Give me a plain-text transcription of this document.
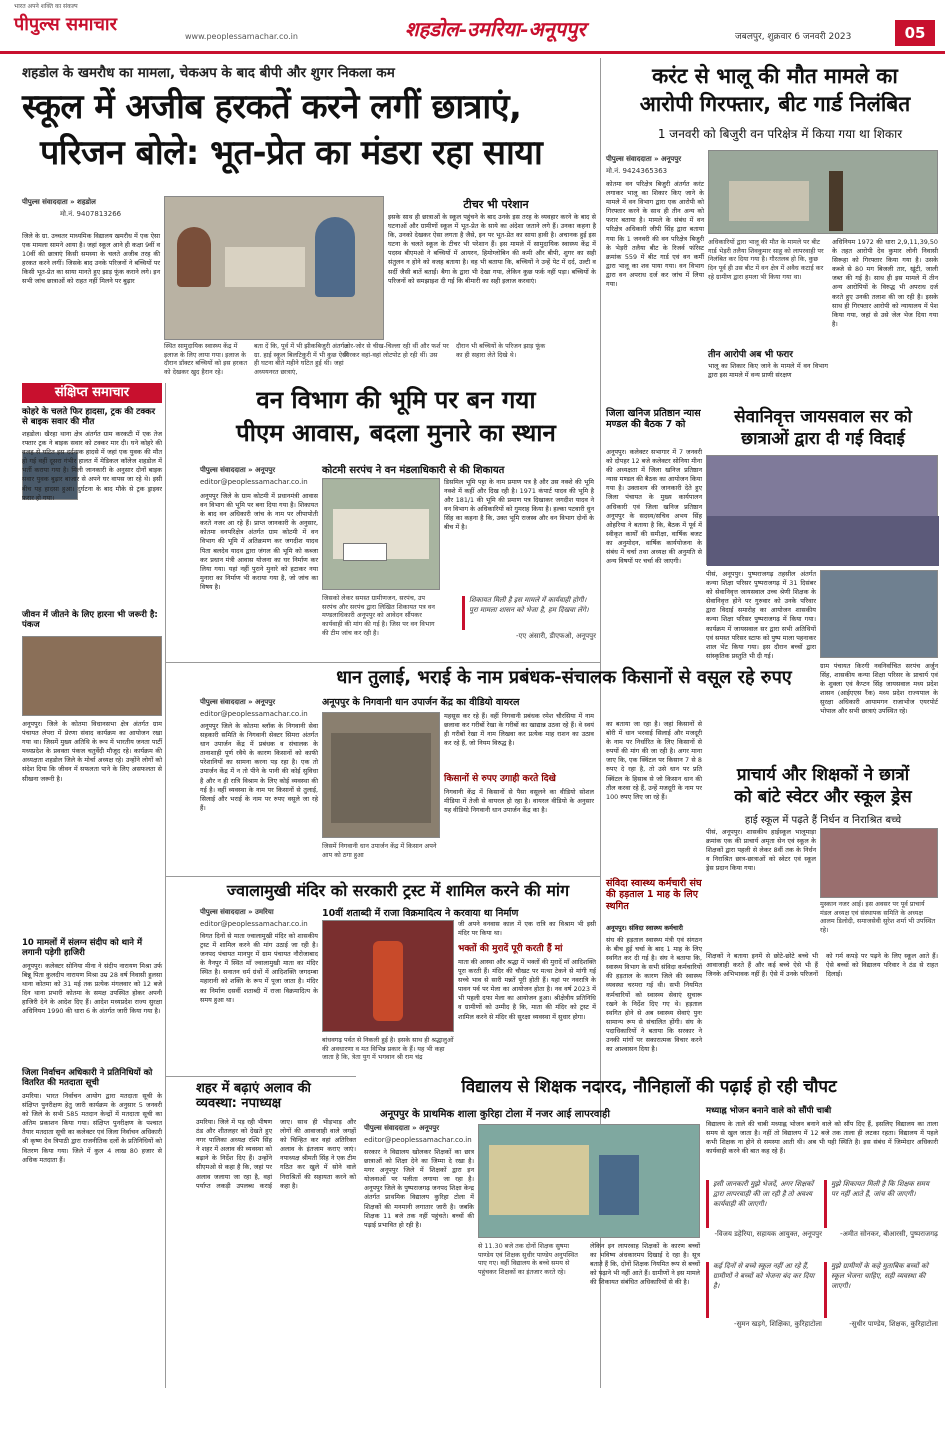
भारत अपने शक्ति का संकल्प
पीपुल्स समाचार
www.peoplessamachar.co.in	शहडोल-उमरिया-अनूपपुर	जबलपुर, शुक्रवार 6 जनवरी 2023	05
शहडोल के खमरौध का मामला, चेकअप के बाद बीपी और शुगर निकला कम
स्कूल में अजीब हरकतें करने लगीं छात्राएं,
परिजन बोले: भूत-प्रेत का मंडरा रहा साया
पीपुल्स संवाददाता » शहडोल
मो.नं. 9407813266
जिले के ग्रा. उच्चतर माध्यमिक विद्यालय खमरौध में एक ऐसा एक मामला सामने आया है। जहां स्कूल आने ही कक्षा 9वीं व 10वीं की छात्राएं किसी समस्या के चलते अजीब तरह की हरकत करने लगीं। जिसके बाद उनके परिजनों ने बच्चियों पर किसी भूत-प्रेत का साया मानते हुए झाड़ फूंक कराने लगे। इन सभी जांच छात्राओं को राहत नहीं मिलने पर बुढ़ार
स्थित सामुदायिक स्वास्थ्य केंद्र में इलाज के लिए लाया गया। इलाज के दौरान डॉक्टर बच्चियों को इस हरकत को देखकर खुद हैरान रहे।
बता दें कि, पूर्व में भी झीकबिजुरी अंतर्गत ग्रा. हाई स्कूल बिलटिकुरी में भी कुछ ऐसी ही घटना बीते महीने घटित हुई थी। जहां अध्ययनरत छात्राएं,
जोर-जोर से चीख-चिल्ला रही थीं और फर्श पर गिरकर वहां-वहां लोटपोट हो रही थीं। उस
दौरान भी बच्चियों के परिजन झाड़ फूंक का ही सहारा लेते दिखे थे।
टीचर भी परेशान
इसके साथ ही छात्राओं के स्कूल पहुंचने के बाद उनके इस तरह के व्यवहार करने के बाद से घटनाओं और ग्रामीणों स्कूल में भूत-प्रेत के साये का अंदेशा जताने लगे हैं। उनका कहना है कि, उनको देखकर ऐसा लगता है जैसे, इन पर भूत-प्रेत का साया हावी है। अचानक हुई इस घटना के चलते स्कूल के टीचर भी परेशान हैं। इस मामले में सामुदायिक स्वास्थ्य केंद्र में पदस्थ बीएमओ ने बच्चियों में आयरन, हिमोग्लोबिन की कमी और बीपी, शुगर का सही संतुलन न होने को वजह बताया है। वह भी बताया कि, बच्चियों ने उन्हें पेट में दर्द, उल्टी व सर्दी जैसी बातें बताईं। बैगा के द्वारा भी देखा गया, लेकिन कुछ फर्क नहीं पड़ा। बच्चियों के परिजनों को समझाइश दी गई कि बीमारी का सही इलाज करवाएं।
करंट से भालू की मौत मामले का
आरोपी गिरफ्तार, बीट गार्ड निलंबित
1 जनवरी को बिजुरी वन परिक्षेत्र में किया गया था शिकार
पीपुल्स संवाददाता » अनूपपुर
मो.नं. 9424365363
कोतमा वन परिक्षेत्र बिजुरी अंतर्गत करंट लगाकर भालू का शिकार किए जाने के मामले में वन विभाग द्वारा एक आरोपी को गिरफ्तार करने के साथ ही तीन अन्य को फरार बताया है। मामले के संबंध में वन परिक्षेत्र अधिकारी जीपी सिंह द्वारा बताया गया कि 1 जनवरी की वन परिक्षेत्र बिजुरी के भेड़री तलैया बीट के रिजर्व फॉरेस्ट क्रमांक 559 में बीट गार्ड एवं वन कर्मी द्वारा भालू का शव पाया गया। वन विभाग द्वारा वन अपराध दर्ज कर जांच में लिया गया।
अधिकारियों द्वारा भालू की मौत के मामले पर बीट गार्ड भेड़री तलैया शिवकुमार साहू को लापरवाही पर निलंबित कर दिया गया है। गौरतलब हो कि, कुछ दिन पूर्व ही उस बीट में वन क्षेत्र में अवैध कटाई कर रहे ग्रामीण द्वारा हमला भी किया गया था।
अधिनियम 1972 की धारा 2,9,11,39,50 के तहत आरोपी देव कुमार लोनी निवासी सिरूहा को गिरफ्तार किया गया है। उसके कब्जे से 80 मग बिजली तार, खूंटी, जाली जब्त की गई है। साथ ही इस मामले में तीन अन्य आरोपियों के विरुद्ध भी अपराध दर्ज करते हुए उनकी तलाश की जा रही है। इसके साथ ही गिरफ्तार आरोपी को न्यायालय में पेश किया गया, जहां से उसे जेल भेज दिया गया है।
तीन आरोपी अब भी फरार
भालू का शिकार किए जाने के मामले में वन विभाग द्वारा इस मामले में वन्य प्राणी संरक्षण
संक्षिप्त समाचार
कोहरे के चलते फिर हादसा, ट्रक की टक्कर से बाइक सवार की मौत
शहडोल। खैरहा थाना क्षेत्र अंतर्गत ग्राम करकटी में एक तेज रफ्तार ट्रक ने बाइक सवार को टक्कर मार दी। घने कोहरे की वजह से घटित इस दर्दनाक हादसे में जहां एक युवक की मौत हो गई वहीं दूसरा गंभीर हालत में मेडिकल कॉलेज शहडोल में भर्ती कराया गया है। मिली जानकारी के अनुसार दोनों बाइक सवार युवक बुढ़ार बाजार से अपने घर वापस जा रहे थे। इसी बीच यह हादसा हुआ। दुर्घटना के बाद मौके से ट्रक ड्राइवर फरार हो गया।
जीवन में जीतने के लिए हारना भी जरूरी है: पंकज
अनूपपुर। जिले के कोतमा विधानसभा क्षेत्र अंतर्गत ग्राम पंचायत लेपरा में प्रेरणा संवाद कार्यक्रम का आयोजन रखा गया था। जिसमें मुख्य अतिथि के रूप में भारतीय जनता पार्टी मध्यप्रदेश के प्रवक्ता पंकज चतुर्वेदी मौजूद रहे। कार्यक्रम की अध्यक्षता शहडोल जिले के मोर्चा अध्यक्ष रहे। उन्होंने लोगों को संदेश दिया कि जीवन में सफलता पाने के लिए असफलता से सीखना जरूरी है।
10 मामलों में संलग्न संदीप को थाने में लगानी पड़ेगी हाजिरी
अनूपपुर। कलेक्टर सोनिया मीना ने संदीप नारायण मिश्रा उर्फ बिन्नू पिता कुलदीप नारायण मिश्रा उम्र 28 वर्ष निवासी हुलसा थाना कोतमा को 31 मई तक प्रत्येक मंगलवार को 12 बजे दिन थाना प्रभारी कोतमा के समक्ष उपस्थित होकर अपनी हाजिरी देने के आदेश दिए हैं। आदेश मध्यप्रदेश राज्य सुरक्षा अधिनियम 1990 की धारा 6 के अंतर्गत जारी किया गया है।
जिला निर्वाचन अधिकारी ने प्रतिनिधियों को वितरित की मतदाता सूची
उमरिया। भारत निर्वाचन आयोग द्वारा मतदाता सूची के संक्षिप्त पुनरीक्षण हेतु जारी कार्यक्रम के अनुसार 5 जनवरी को जिले के सभी 585 मतदान केन्द्रों में मतदाता सूची का अंतिम प्रकाशन किया गया। संक्षिप्त पुनरीक्षण के पश्चात तैयार मतदाता सूची का कलेक्टर एवं जिला निर्वाचन अधिकारी श्री कृष्ण देव त्रिपाठी द्वारा राजनीतिक दलों के प्रतिनिधियों को वितरण किया गया। जिले में कुल 4 लाख 80 हजार से अधिक मतदाता हैं।
वन विभाग की भूमि पर बन गया
पीएम आवास, बदला मुनारे का स्थान
पीपुल्स संवाददाता » अनूपपुर	कोटमी सरपंच ने वन मंडलाधिकारी से की शिकायत
editor@peoplessamachar.co.in
अनूपपुर जिले के ग्राम कोटमी में प्रधानमंत्री आवास वन विभाग की भूमि पर बना दिया गया है। शिकायत के बाद वन अधिकारी जांच के नाम पर लीपापोती करते नजर आ रहे हैं। प्राप्त जानकारी के अनुसार, कोतमा वनपरिक्षेत्र अंतर्गत ग्राम कोटमी में वन विभाग की भूमि में अतिक्रमण कर जगदीश यादव पिता बलदेव यादव द्वारा जंगल की भूमि को कब्जा कर प्रधान मंत्री आवास योजना का घर निर्माण कर लिया गया। यहां नहीं पुराने मुनारे को हटाकर नया मुनारा का निर्माण भी कराया गया है, जो जांच का विषय है।
जिसको लेकर समस्त ग्रामीणजन, सरपंच, उप सरपंच और सरपंच द्वारा लिखित शिकायत पत्र वन मण्डलाधिकारी अनूपपुर को आवेदन सौंपकर कार्यवाही की मांग की गई है। जिस पर वन विभाग की टीम जांच कर रही है।
डिसमिल भूमि पट्टा के नाम प्रमाण पत्र है और उस नक्शे की भूमि नक्शे में कहीं और दिख रही है। 1971 कंपार्ट यादव की भूमि है और 181/1 की भूमि की प्रमाण पत्र दिखाकर जगदीश यादव ने वन विभाग के अधिकारियों को गुमराह किया है। हल्का पटवारी धुन सिंह का कहना है कि, उक्त भूमि राजस्व और वन विभाग दोनों के बीच में है।
शिकायत मिली है इस मामले में कार्यवाही होगी। पूरा मामला शासन को भेजा है, हम दिखवा लेंगे।
-एए अंसारी, डीएफओ, अनूपपुर
जिला खनिज प्रतिष्ठान न्यास मण्डल की बैठक 7 को
अनूपपुर। कलेक्टर सभागार में 7 जनवरी को दोपहर 12 बजे कलेक्टर सोनिया मीना की अध्यक्षता में जिला खनिज प्रतिष्ठान न्यास मण्डल की बैठक का आयोजन किया गया है। उक्ताशय की जानकारी देते हुए जिला पंचायत के मुख्य कार्यपालन अधिकारी एवं जिला खनिज प्रतिष्ठान अनूपपुर के सदस्य/सचिव अभय सिंह ओहरिया ने बताया है कि, बैठक में पूर्व में स्वीकृत कार्यों की समीक्षा, वार्षिक बजट का अनुमोदन, वार्षिक कार्ययोजना के संबंध में चर्चा तथा अध्यक्ष की अनुमति से अन्य विषयों पर चर्चा की जाएगी।
सेवानिवृत्त जायसवाल सर को
छात्राओं द्वारा दी गई विदाई
पीसं, अनूपपुर। पुष्पराजगढ़ तहसील अंतर्गत कन्या शिक्षा परिसर पुष्पराजगढ़ में 31 दिसंबर को सेवानिवृत्त जायसवाल उच्च श्रेणी शिक्षक के सेवानिवृत्त होने पर गुरुवार को उनके परिवार द्वारा विदाई समारोह का आयोजन शासकीय कन्या शिक्षा परिसर पुष्पराजगढ़ में किया गया। कार्यक्रम में जायसवाल सर द्वारा सभी अतिथियों एवं समस्त परिसर स्टाफ को पुष्प माला पहनाकर शाल भेंट किया गया। इस दौरान बच्चों द्वारा सांस्कृतिक प्रस्तुति भी दी गई।
ग्राम पंचायत किरगी नवनिर्वाचित सरपंच अर्जुन सिंह, शासकीय कन्या शिक्षा परिसर के प्राचार्य एवं के शुक्ला एवं कैप्टन सिंह जायसवाल मध्य प्रदेश शासन (आईएएस रैंक) मध्य प्रदेश राज्यपाल के सुरक्षा अधिकारी आयामगन राजाभोज एयरपोर्ट भोपाल और सभी छात्राएं उपस्थित रहे।
धान तुलाई, भराई के नाम प्रबंधक-संचालक किसानों से वसूल रहे रुपए
पीपुल्स संवाददाता » अनूपपुर	अनूपपुर के निगवानी धान उपार्जन केंद्र का वीडियो वायरल
editor@peoplessamachar.co.in
अनूपपुर जिले के कोतमा ब्लॉक के निगवानी सेवा सहकारी समिति के निगवानी सेक्टर सिमरा अंतर्गत धान उपार्जन केंद्र में प्रबंधक व संचालक के तानाशाही पूर्ण रवैये के कारण किसानों को काफी परेशानियों का सामना करना पड़ रहा है। एक तो उपार्जन केंद्र में न तो पीने के पानी की कोई सुविधा है और न ही रात्रि विश्राम के लिए कोई व्यवस्था की गई है। वहीं व्यवस्था के नाम पर किसानों से तुलाई, सिलाई और भराई के नाम पर रुपए वसूले जा रहे हैं।
जिसमें निगवानी धान उपार्जन केंद्र में किसान अपने आप को ठगा हुआ
महसूस कर रहे हैं। वहीं निगवानी प्रबंधक रमेश चौरसिया में नाम छलावा कर गरीबों रेखा के गरीबों का खाद्यान्न उठवा रहे हैं। वे स्वयं ही गरीबों रेखा में नाम लिखवा कर प्रत्येक माह राशन का उठाव कर रहे हैं, जो नियम विरुद्ध है।
किसानों से रुपए उगाही करते दिखे
निगवानी केंद्र में किसानों से पैसा वसूलने का वीडियो सोशल मीडिया में तेजी से वायरल हो रहा है। वायरल वीडियो के अनुसार यह वीडियो निगवानी धान उपार्जन केंद्र का है।
का बताया जा रहा है। जहां किसानों से बोरी में धान भरवाई सिलाई और मजदूरी के नाम पर निर्धारित के लिए किसानों से रुपयों की मांग की जा रही है। अगर माना जाए कि, एक क्विंटल पर किसान 7 से 8 रुपए दे रहा है, तो उसे धान पर प्रति क्विंटल के हिसाब से जो किसान धान की तौल करवा रहे हैं, उन्हें मजदूरी के नाम पर 100 रुपए लिए जा रहे हैं।
प्राचार्य और शिक्षकों ने छात्रों
को बांटे स्वेटर और स्कूल ड्रेस
हाई स्कूल में पढ़ते हैं निर्धन व निराश्रित बच्चे
पीसं, अनूपपुर। शासकीय हाईस्कूल भालूमाड़ा क्रमांक एक की प्राचार्य अमृता सेन एवं स्कूल के शिक्षकों द्वारा पहली से लेकर 8वीं तक के निर्धन व निराश्रित छात्र-छात्राओं को स्वेटर एवं स्कूल ड्रेस प्रदान किया गया।
मुस्कान नजर आई। इस अवसर पर पूर्व प्राचार्य मंडल अध्यक्ष एवं संस्थापक समिति के अध्यक्ष आलम डिलोदी, समाजसेवी सुरेश शर्मा भी उपस्थित रहे।
शिक्षकों ने बताया इनमें से छोटे-छोटे बच्चे भी आवाजाही करते हैं और कई बच्चे ऐसे भी हैं जिनके अभिभावक नहीं हैं। ऐसे में उनके परिजनों को गर्म कपड़े पर पढ़ने के लिए स्कूल आते हैं। ऐसे बच्चों को विद्यालय परिवार ने ठंड से राहत दिलाई।
ज्वालामुखी मंदिर को सरकारी ट्रस्ट में शामिल करने की मांग
पीपुल्स संवाददाता » उमरिया	10वीं शताब्दी में राजा विक्रमादित्य ने करवाया था निर्माण
editor@peoplessamachar.co.in
विगत दिनों से माता ज्वालामुखी मंदिर को शासकीय ट्रस्ट में शामिल करने की मांग उठाई जा रही है। जनपद पंचायत मानपुर में ग्राम पंचायत नौरोजाबाद के नैनपुर में स्थित माँ ज्वालामुखी माता का मंदिर स्थित है। सनातन धर्म ग्रंथों में आदिशक्ति जगदम्बा महारानी को शक्ति के रूप में पूजा जाता है। मंदिर का निर्माण दसवीं शताब्दी में राजा विक्रमादित्य के समय हुआ था।
बांधवगढ़ पर्वत से निकली हुई है। इसके साथ ही श्रद्धालुओं की अवधारणा व मत विभिन्न प्रकार के हैं। यह भी कहा जाता है कि, त्रेता युग में भगवान श्री राम चंद्र
जी अपने वनवास काल में एक रात्रि का विश्राम भी इसी मंदिर पर किया था।
भक्तों की मुरादें पूरी करती हैं मां
माता की आस्था और श्रद्धा में भक्तों की मुरादें माँ आदिशक्ति पूरा करती हैं। मंदिर की चौखट पर मत्था टेकने से मांगी गई सच्चे भाव से सारी मन्नतें पूरी होती हैं। यहां पर नवरात्रि के पावन पर्व पर मेला का आयोजन होता है। नव वर्ष 2023 में भी पहली दफा मेला का आयोजन हुआ। श्रीक्षेत्रीय प्रतिनिधि व ग्रामीणों को उम्मीद है कि, माता की मंदिर को ट्रस्ट में शामिल करने से मंदिर की सुरक्षा व्यवस्था में सुधार होगा।
संविदा स्वास्थ्य कर्मचारी संघ की हड़ताल 1 माह के लिए स्थगित
अनूपपुर। संविदा स्वास्थ्य कर्मचारी
संघ की हड़ताल स्वास्थ्य मंत्री एवं संगठन के बीच हुई चर्चा के बाद 1 माह के लिए स्थगित कर दी गई है। संघ ने बताया कि, स्वास्थ्य विभाग के सभी संविदा कर्मचारियों की हड़ताल के कारण जिले की स्वास्थ्य व्यवस्था चरमरा गई थी। सभी नियमित कर्मचारियों को स्वास्थ्य सेवाएं सुचारू रखने के निर्देश दिए गए थे। हड़ताल स्थगित होने से अब स्वास्थ्य सेवाएं पुनः सामान्य रूप से संचालित होंगी। संघ के पदाधिकारियों ने बताया कि सरकार ने उनकी मांगों पर सकारात्मक विचार करने का आश्वासन दिया है।
शहर में बढ़ाएं अलाव की व्यवस्था: नपाध्यक्ष
उमरिया। जिले में पड़ रही भीषण ठंड और शीतलहर को देखते हुए नगर पालिका अध्यक्ष रश्मि सिंह ने शहर में अलाव की व्यवस्था को बढ़ाने के निर्देश दिए हैं। उन्होंने सीएमओ से कहा है कि, जहां पर अलाव जलाया जा रहा है, वहां पर्याप्त लकड़ी उपलब्ध कराई जाए। साथ ही भीड़भाड़ और लोगों की आवाजाही वाले जगहों को चिन्हित कर वहां अतिरिक्त अलाव के इंतजाम कराए जाएं। नपाध्यक्ष श्रीमती सिंह ने एक टीम गठित कर खुले में सोने वाले निराश्रितों की सहायता करने को कहा है।
विद्यालय से शिक्षक नदारद, नौनिहालों की पढ़ाई हो रही चौपट
अनूपपुर के प्राथमिक शाला कुरिहा टोला में नजर आई लापरवाही
पीपुल्स संवाददाता » अनूपपुर
editor@peoplessamachar.co.in
सरकार ने विद्यालय खोलकर शिक्षकों का छात्र छात्राओं को शिक्षा देने का जिम्मा दे रखा है। मगर अनूपपुर जिले में शिक्षकों द्वारा इन योजनाओं पर पलीता लगाया जा रहा है। अनूपपुर जिले के पुष्पराजगढ़ जनपद शिक्षा केन्द्र अंतर्गत प्राथमिक विद्यालय कुरिहा टोला में शिक्षकों की मनमानी लगातार जारी है। जबकि शिक्षक 11 बजे तक नहीं पहुंचते। बच्चों की पढ़ाई प्रभावित हो रही है।
से 11.30 बजे तक दोनों शिक्षक सुषमा पाण्डेय एवं शिक्षक सुधीर पाण्डेय अनुपस्थित पाए गए। वहीं विद्यालय के बच्चे समय से पहुंचकर शिक्षकों का इंतजार करते रहे।
लेकिन इन लापरवाह शिक्षकों के कारण बच्चों का भविष्य अंधकारमय दिखाई दे रहा है। सूत्र बताते हैं कि, दोनों शिक्षक नियमित रूप से बच्चों को पढ़ाने भी नहीं आते हैं। ग्रामीणों ने इस मामले की शिकायत संबंधित अधिकारियों से की है।
मध्याह्न भोजन बनाने वाले को सौंपी चाबी
विद्यालय के ताले की चाबी मध्याह्न भोजन बनाने वाले को सौंप दिए हैं, इसलिए विद्यालय का ताला समय से खुल जाता है। नहीं तो विद्यालय में 12 बजे तक ताला ही लटका रहता। विद्यालय में पहले कभी शिक्षक ना होने से समस्या आती थी। अब भी यही स्थिति है। इस संबंध में जिम्मेदार अधिकारी कार्यवाही करने की बात कह रहे हैं।
इसी जानकारी मुझे भेजदें, अगर शिक्षकों द्वारा लापरवाही की जा रही है तो अवश्य कार्यवाही की जाएगी।
-विजय डहेरिया, सहायक आयुक्त, अनूपपुर
मुझे शिकायत मिली है कि शिक्षक समय पर नहीं आते हैं, जांच की जाएगी।
-अमीत सोनकर, बीआरसी, पुष्पराजगढ़
कई दिनों से बच्चे स्कूल नहीं आ रहे हैं, ग्रामीणों ने बच्चों को भेजना बंद कर दिया है।
-सुमन खड़गे, शिक्षिका, कुरिहाटोला
मुझे ग्रामीणों के कहे मुताबिक बच्चों को स्कूल भेजना चाहिए, सही व्यवस्था की जाएगी।
-सुधीर पाण्डेय, शिक्षक, कुरिहाटोला
